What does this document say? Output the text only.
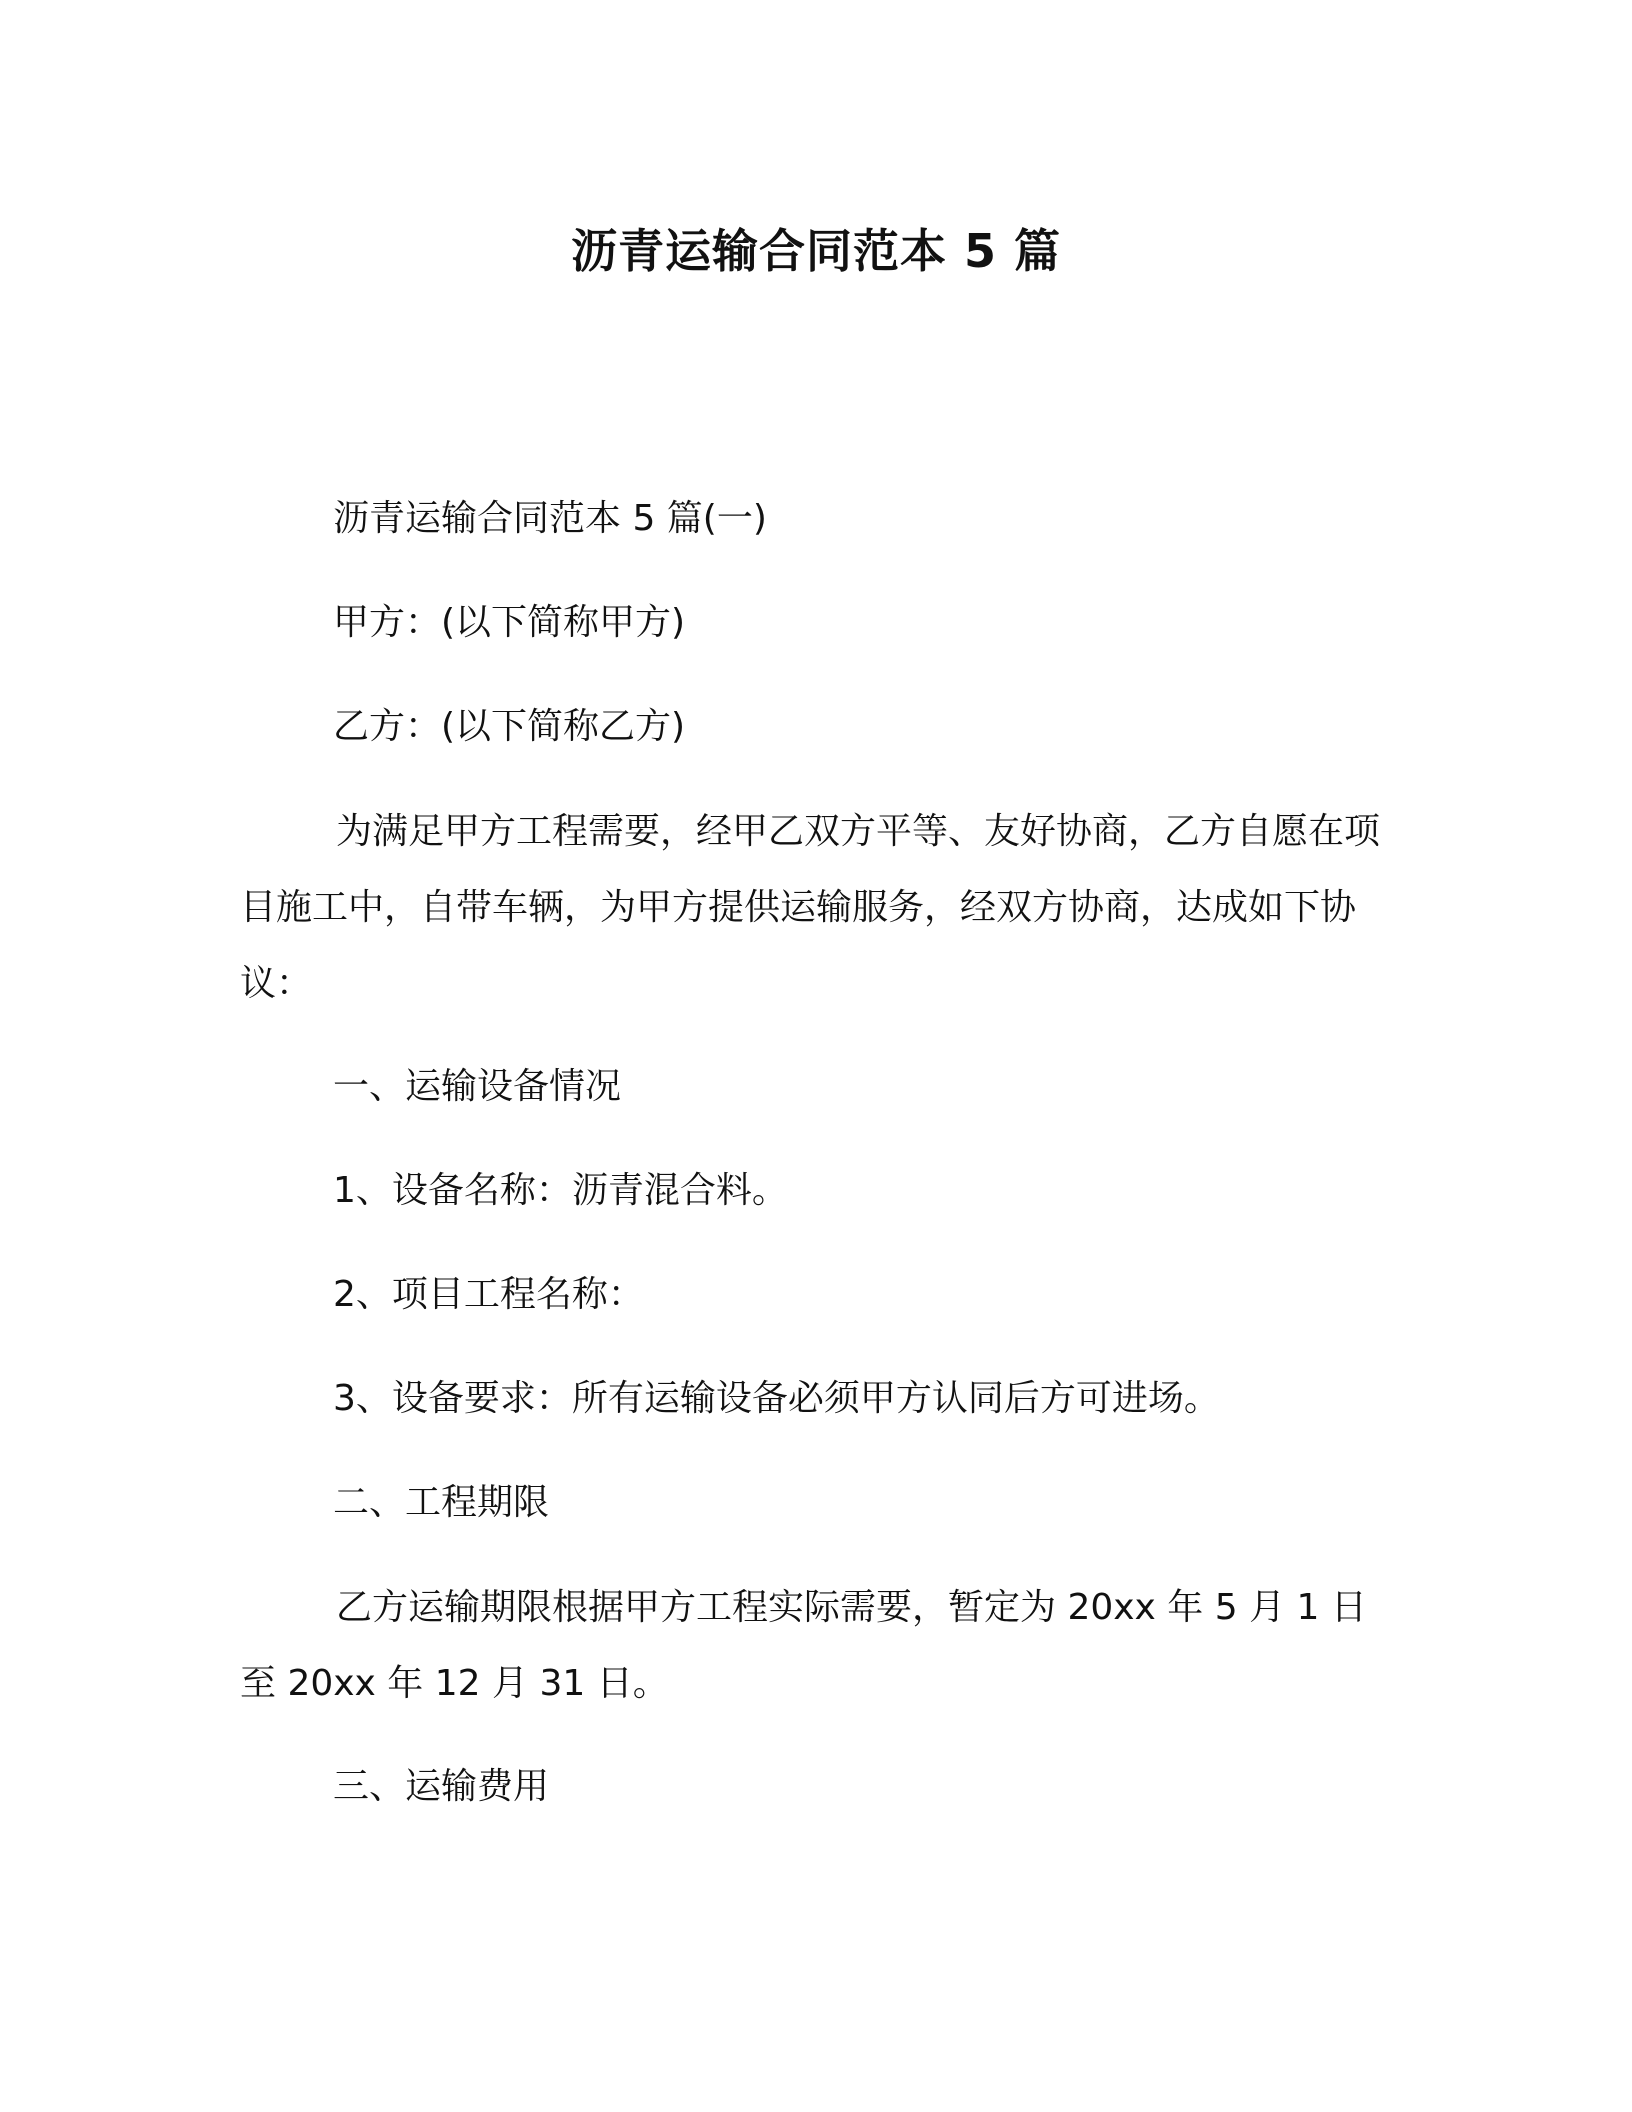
沥青运输合同范本 5 篇
沥青运输合同范本 5 篇(一)
甲方：(以下简称甲方)
乙方：(以下简称乙方)
为满足甲方工程需要，经甲乙双方平等、友好协商，乙方自愿在项目施工中，自带车辆，为甲方提供运输服务，经双方协商，达成如下协议：
一、运输设备情况
1、设备名称：沥青混合料。
2、项目工程名称：
3、设备要求：所有运输设备必须甲方认同后方可进场。
二、工程期限
乙方运输期限根据甲方工程实际需要，暂定为 20xx 年 5 月 1 日至 20xx 年 12 月 31 日。
三、运输费用
